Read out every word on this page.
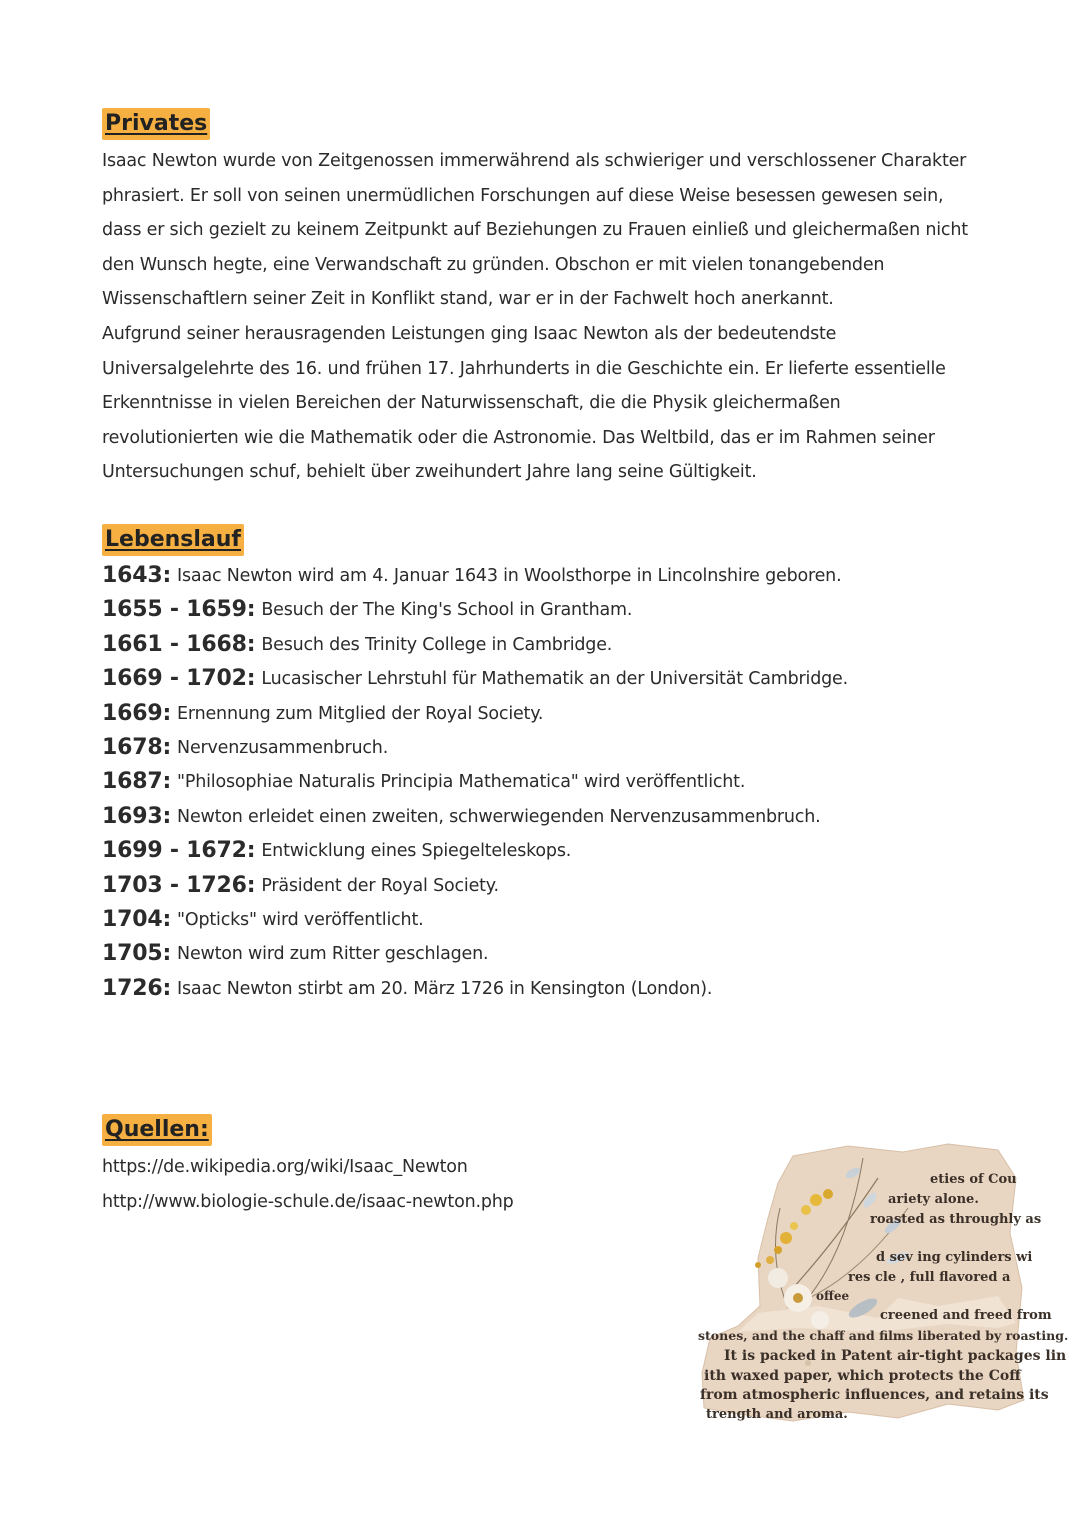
Privates

Isaac Newton wurde von Zeitgenossen immerwährend als schwieriger und verschlossener Charakter phrasiert. Er soll von seinen unermüdlichen Forschungen auf diese Weise besessen gewesen sein, dass er sich gezielt zu keinem Zeitpunkt auf Beziehungen zu Frauen einließ und gleichermaßen nicht den Wunsch hegte, eine Verwandschaft zu gründen. Obschon er mit vielen tonangebenden Wissenschaftlern seiner Zeit in Konflikt stand, war er in der Fachwelt hoch anerkannt.

Aufgrund seiner herausragenden Leistungen ging Isaac Newton als der bedeutendste Universalgelehrte des 16. und frühen 17. Jahrhunderts in die Geschichte ein. Er lieferte essentielle Erkenntnisse in vielen Bereichen der Naturwissenschaft, die die Physik gleichermaßen revolutionierten wie die Mathematik oder die Astronomie. Das Weltbild, das er im Rahmen seiner Untersuchungen schuf, behielt über zweihundert Jahre lang seine Gültigkeit.

Lebenslauf
1643 : Isaac Newton wird am 4. Januar 1643 in Woolsthorpe in Lincolnshire geboren.
1655 - 1659 : Besuch der The King's School in Grantham.
1661 - 1668 : Besuch des Trinity College in Cambridge.
1669 - 1702 : Lucasischer Lehrstuhl für Mathematik an der Universität Cambridge.
1669 : Ernennung zum Mitglied der Royal Society.
1678 : Nervenzusammenbruch.
1687 : "Philosophiae Naturalis Principia Mathematica" wird veröffentlicht.
1693 : Newton erleidet einen zweiten, schwerwiegenden Nervenzusammenbruch.
1699 - 1672 : Entwicklung eines Spiegelteleskops.
1703 - 1726 : Präsident der Royal Society.
1704 : "Opticks" wird veröffentlicht.
1705 : Newton wird zum Ritter geschlagen.
1726 : Isaac Newton stirbt am 20. März 1726 in Kensington (London).
Quellen:
https://de.wikipedia.org/wiki/Isaac_Newton
http://www.biologie-schule.de/isaac-newton.php
eties of Cou
ariety alone.
roasted as throughly as
d sev ing cylinders wi
res cle , full flavored a
offee
creened and freed from
stones, and the chaff and films liberated by roasting.
It is packed in Patent air-tight packages lin
ith waxed paper, which protects the Coff
from atmospheric influences, and retains its
trength and aroma.
